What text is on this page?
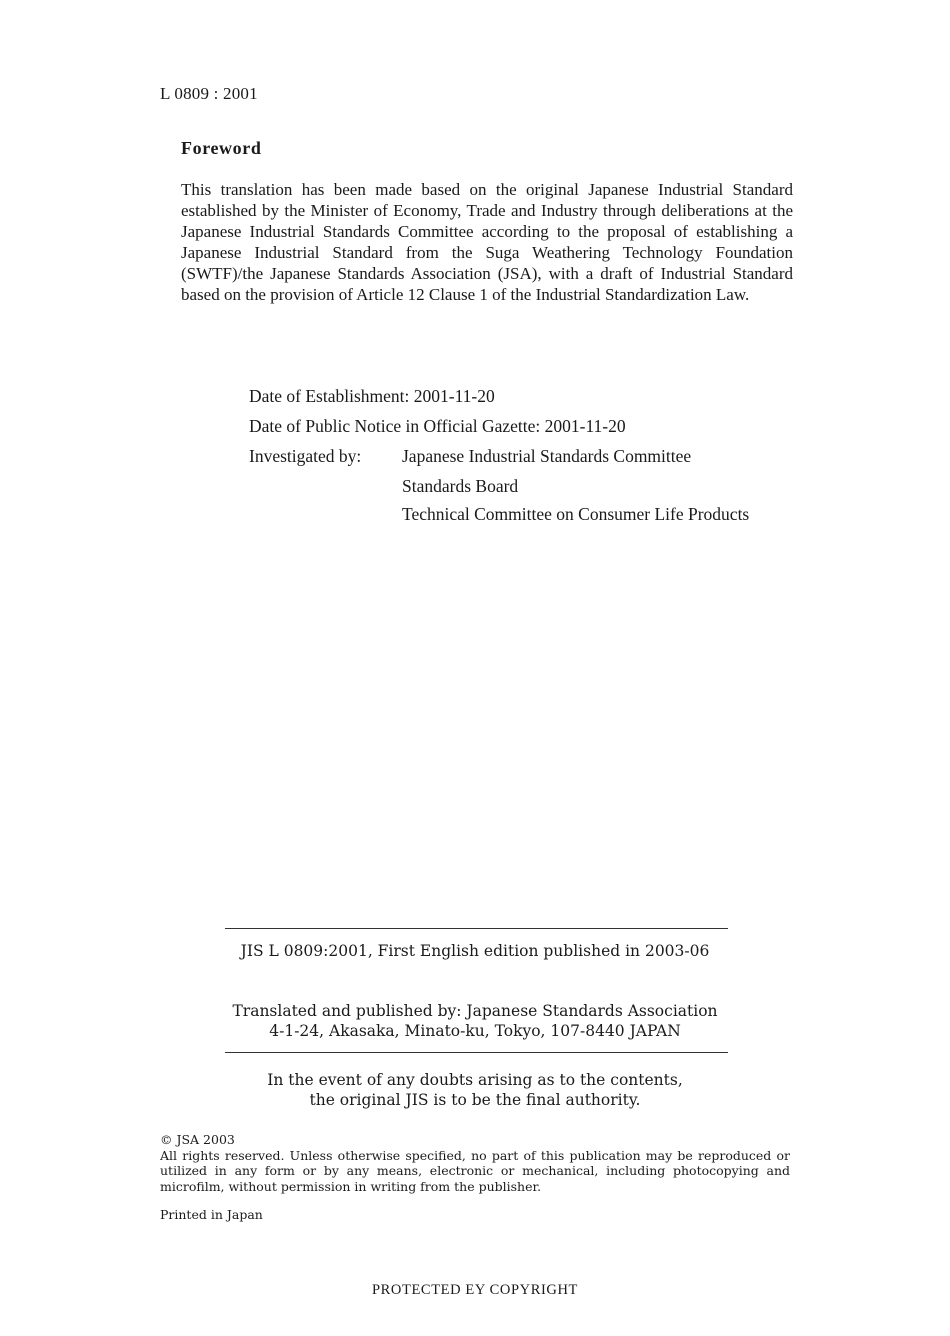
L 0809 : 2001
Foreword
This translation has been made based on the original Japanese Industrial Standard established by the Minister of Economy, Trade and Industry through deliberations at the Japanese Industrial Standards Committee according to the proposal of establishing a Japanese Industrial Standard from the Suga Weathering Technology Foundation (SWTF)/the Japanese Standards Association (JSA), with a draft of Industrial Standard based on the provision of Article 12 Clause 1 of the Industrial Standardization Law.
Date of Establishment: 2001-11-20
Date of Public Notice in Official Gazette: 2001-11-20
Investigated by: Japanese Industrial Standards Committee
Standards Board
Technical Committee on Consumer Life Products
JIS L 0809:2001, First English edition published in 2003-06
Translated and published by: Japanese Standards Association
4-1-24, Akasaka, Minato-ku, Tokyo, 107-8440 JAPAN
In the event of any doubts arising as to the contents,
the original JIS is to be the final authority.
© JSA 2003
All rights reserved. Unless otherwise specified, no part of this publication may be reproduced or utilized in any form or by any means, electronic or mechanical, including photocopying and microfilm, without permission in writing from the publisher.
Printed in Japan
PROTECTED ΕY COPYRIGHT
